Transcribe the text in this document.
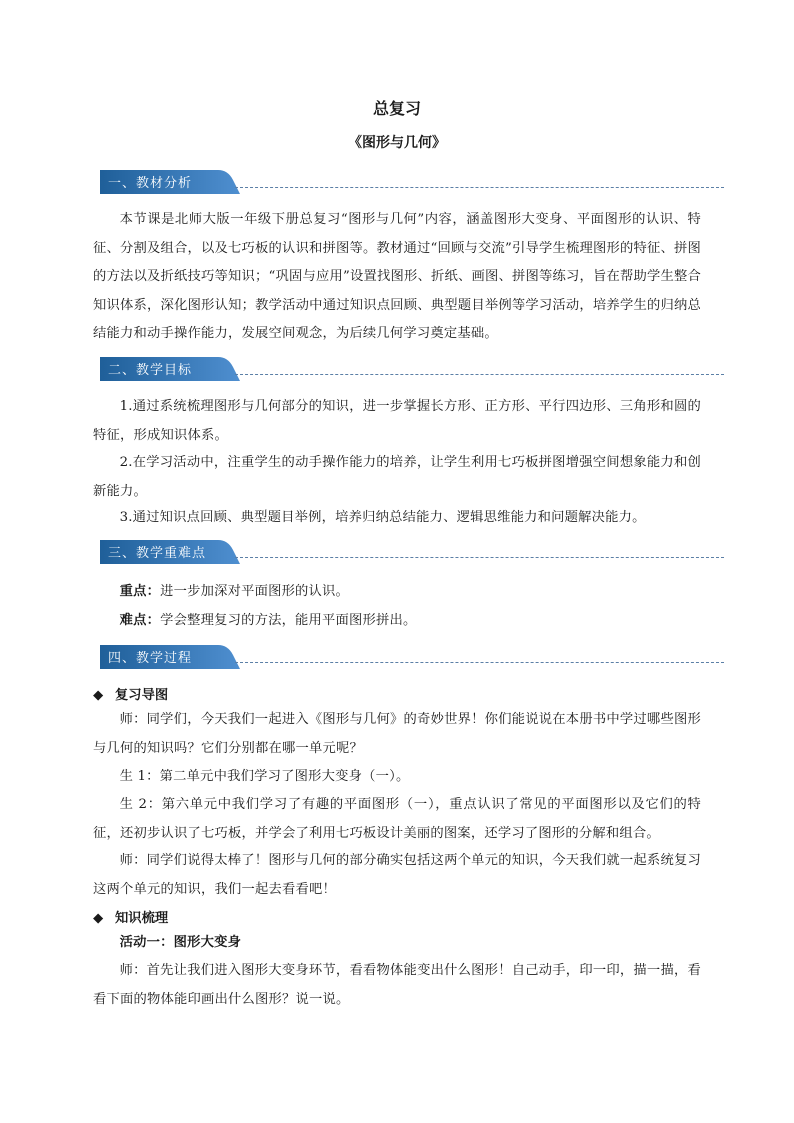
总复习
《图形与几何》
一、教材分析

本节课是北师大版一年级下册总复习“图形与几何”内容，涵盖图形大变身、平面图形的认识、特征、分割及组合，以及七巧板的认识和拼图等。教材通过“回顾与交流”引导学生梳理图形的特征、拼图的方法以及折纸技巧等知识；“巩固与应用”设置找图形、折纸、画图、拼图等练习，旨在帮助学生整合知识体系，深化图形认知；教学活动中通过知识点回顾、典型题目举例等学习活动，培养学生的归纳总结能力和动手操作能力，发展空间观念，为后续几何学习奠定基础。

二、教学目标

1.通过系统梳理图形与几何部分的知识，进一步掌握长方形、正方形、平行四边形、三角形和圆的特征，形成知识体系。

2.在学习活动中，注重学生的动手操作能力的培养，让学生利用七巧板拼图增强空间想象能力和创新能力。

3.通过知识点回顾、典型题目举例，培养归纳总结能力、逻辑思维能力和问题解决能力。

三、教学重难点

重点：进一步加深对平面图形的认识。

难点：学会整理复习的方法，能用平面图形拼出。

四、教学过程
◆ 复习导图

师：同学们，今天我们一起进入《图形与几何》的奇妙世界！你们能说说在本册书中学过哪些图形与几何的知识吗？它们分别都在哪一单元呢？

生 1：第二单元中我们学习了图形大变身（一）。

生 2：第六单元中我们学习了有趣的平面图形（一），重点认识了常见的平面图形以及它们的特征，还初步认识了七巧板，并学会了利用七巧板设计美丽的图案，还学习了图形的分解和组合。

师：同学们说得太棒了！图形与几何的部分确实包括这两个单元的知识，今天我们就一起系统复习这两个单元的知识，我们一起去看看吧！

◆ 知识梳理

活动一：图形大变身

师：首先让我们进入图形大变身环节，看看物体能变出什么图形！自己动手，印一印，描一描，看看下面的物体能印画出什么图形？说一说。
